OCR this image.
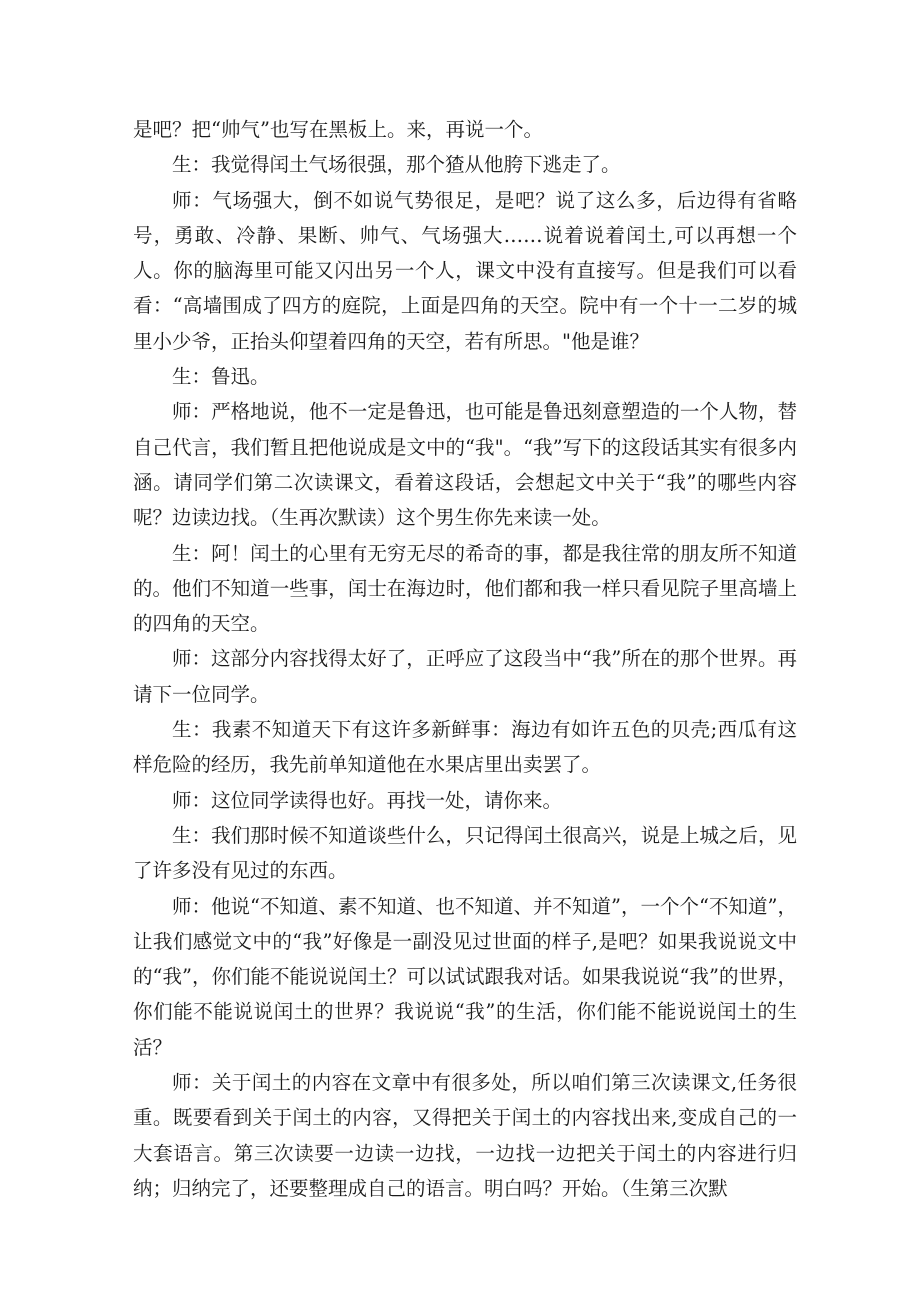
是吧？把“帅气”也写在黑板上。来，再说一个。

生：我觉得闰土气场很强，那个猹从他胯下逃走了。

师：气场强大，倒不如说气势很足，是吧？说了这么多，后边得有省略号，勇敢、冷静、果断、帅气、气场强大……说着说着闰土,可以再想一个人。你的脑海里可能又闪出另一个人，课文中没有直接写。但是我们可以看看：“高墙围成了四方的庭院，上面是四角的天空。院中有一个十一二岁的城里小少爷，正抬头仰望着四角的天空，若有所思。"他是谁？

生：鲁迅。

师：严格地说，他不一定是鲁迅，也可能是鲁迅刻意塑造的一个人物，替自己代言，我们暂且把他说成是文中的“我"。“我”写下的这段话其实有很多内涵。请同学们第二次读课文，看着这段话，会想起文中关于“我”的哪些内容呢？边读边找。（生再次默读）这个男生你先来读一处。

生：阿！闰土的心里有无穷无尽的希奇的事，都是我往常的朋友所不知道的。他们不知道一些事，闰士在海边时，他们都和我一样只看见院子里高墙上的四角的天空。

师：这部分内容找得太好了，正呼应了这段当中“我”所在的那个世界。再请下一位同学。

生：我素不知道天下有这许多新鲜事：海边有如许五色的贝壳;西瓜有这样危险的经历，我先前单知道他在水果店里出卖罢了。

师：这位同学读得也好。再找一处，请你来。

生：我们那时候不知道谈些什么，只记得闰土很高兴，说是上城之后，见了许多没有见过的东西。

师：他说“不知道、素不知道、也不知道、并不知道”，一个个“不知道”，让我们感觉文中的“我”好像是一副没见过世面的样子,是吧？如果我说说文中的“我”，你们能不能说说闰土？可以试试跟我对话。如果我说说“我”的世界，你们能不能说说闰土的世界？我说说“我”的生活，你们能不能说说闰土的生活？

师：关于闰土的内容在文章中有很多处，所以咱们第三次读课文,任务很重。既要看到关于闰土的内容，又得把关于闰土的内容找出来,变成自己的一大套语言。第三次读要一边读一边找，一边找一边把关于闰土的内容进行归纳；归纳完了，还要整理成自己的语言。明白吗？开始。（生第三次默
